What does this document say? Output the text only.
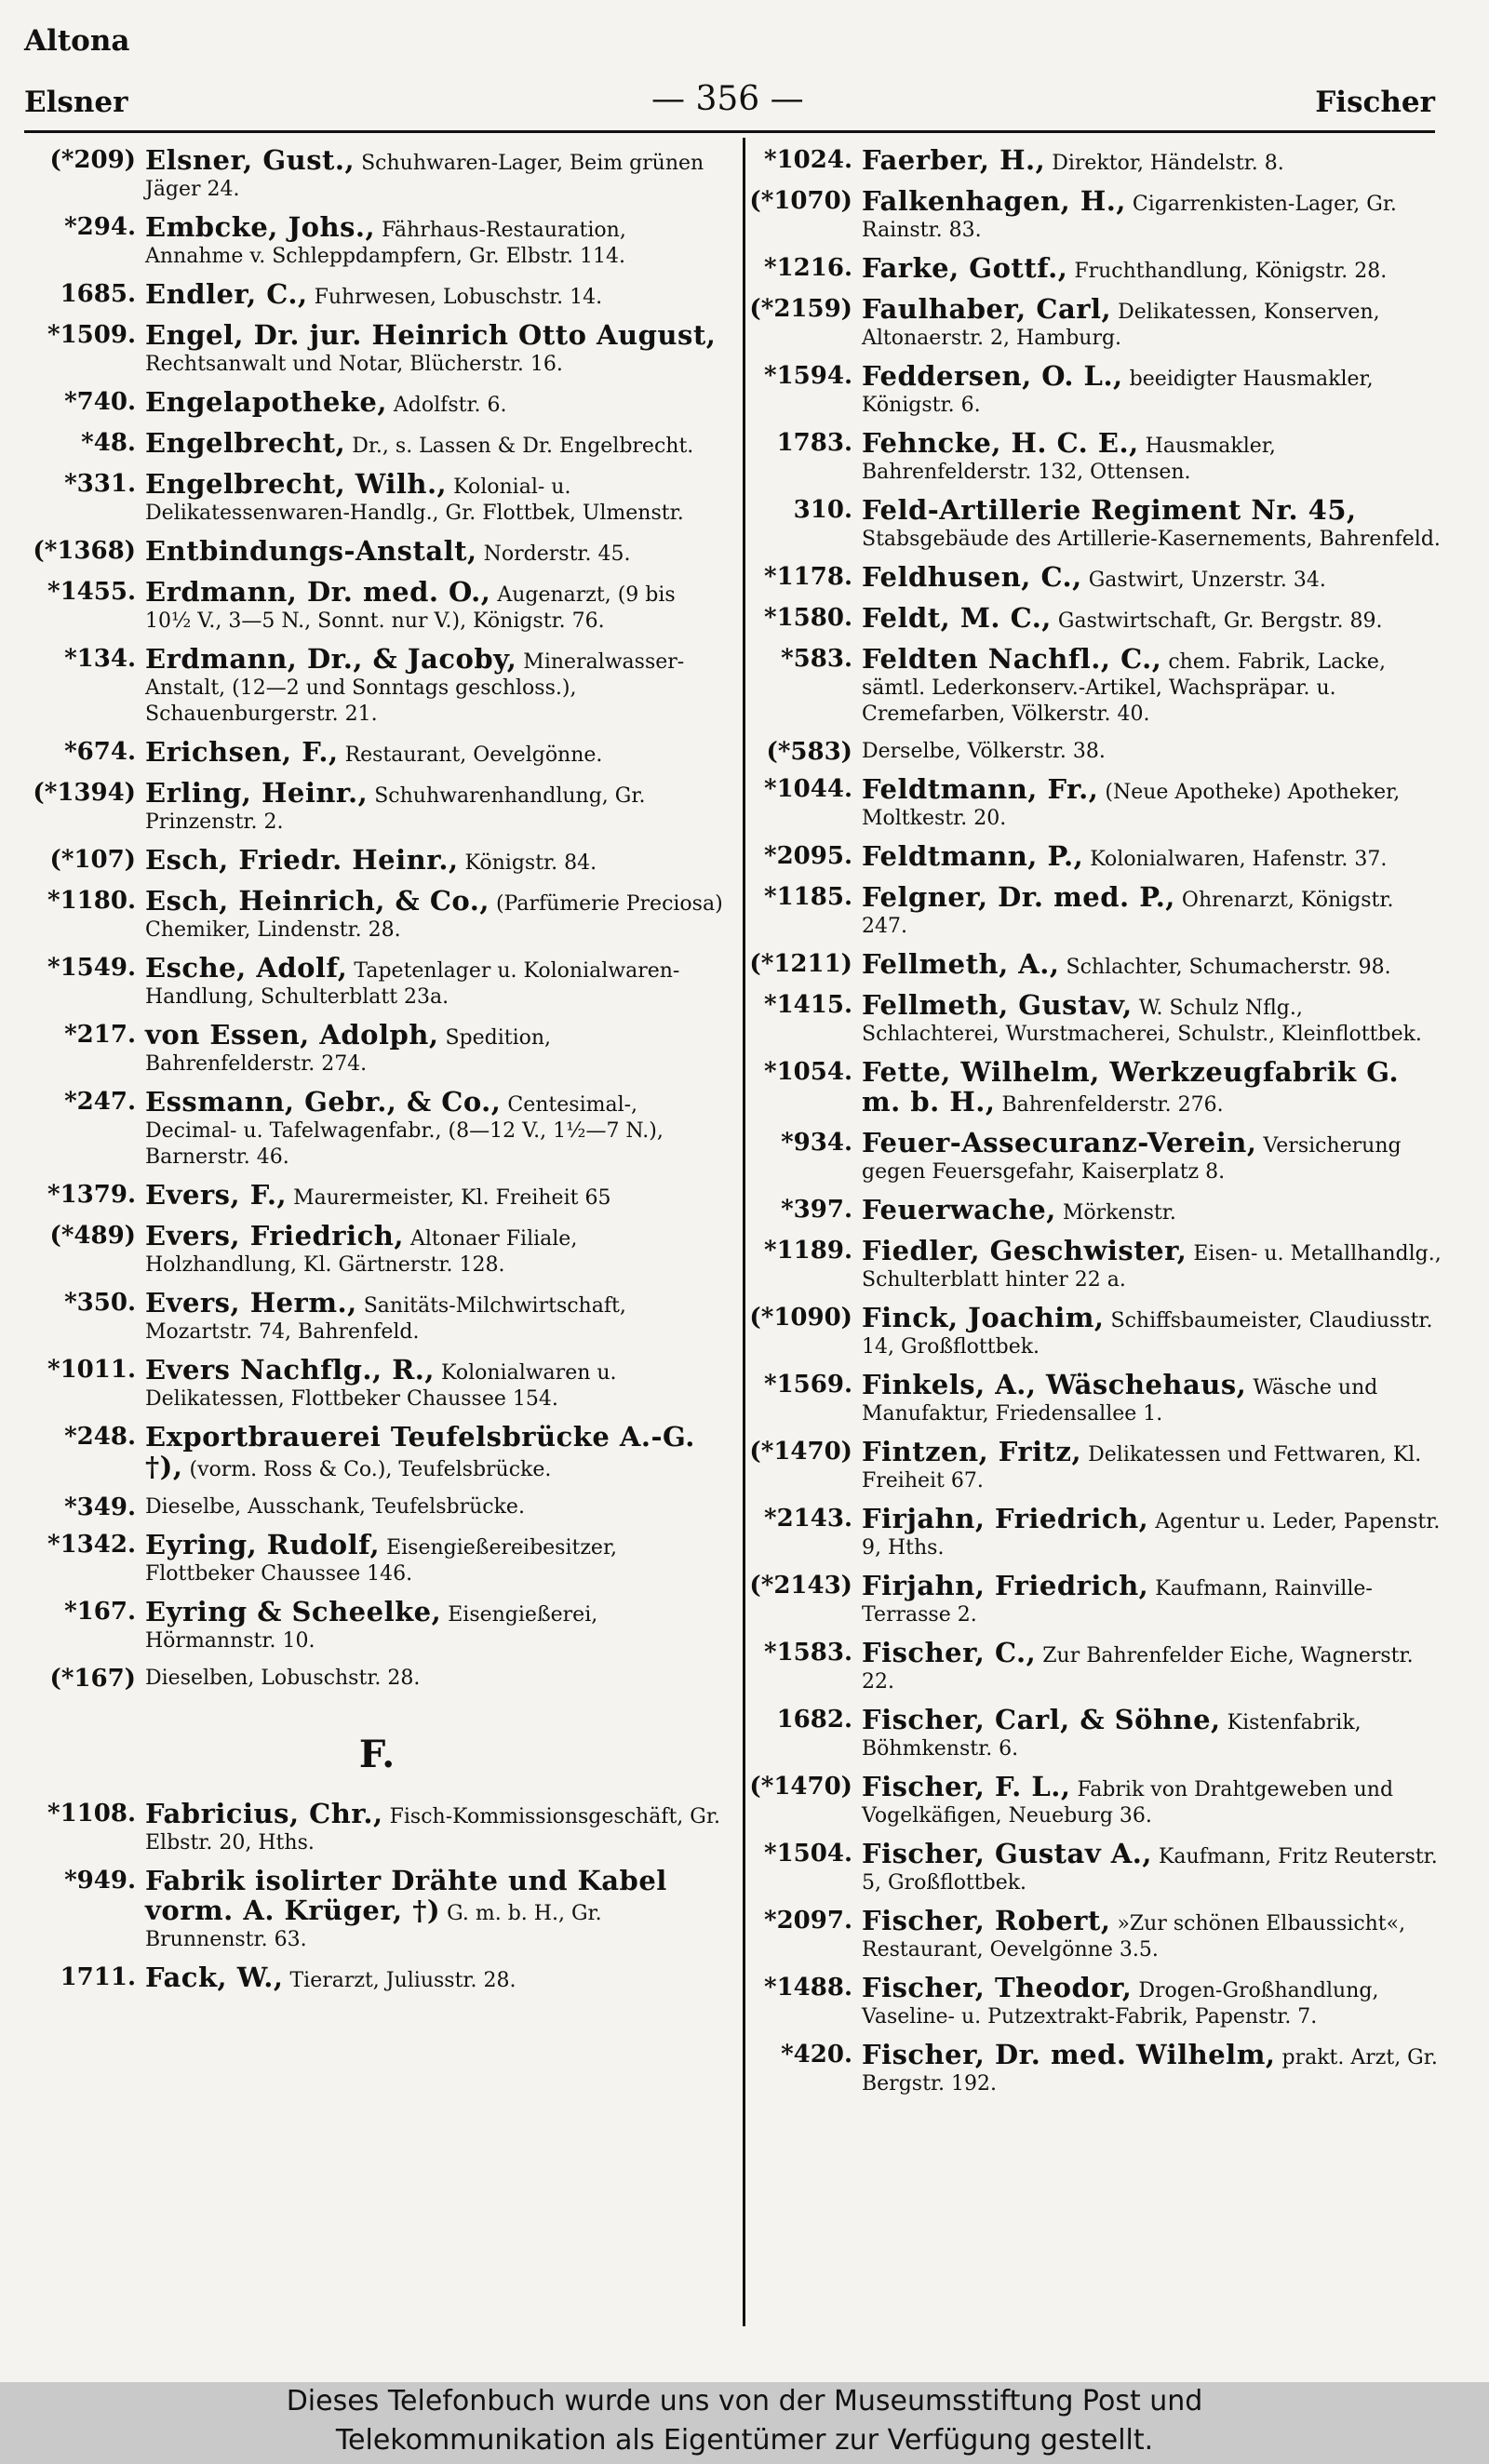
Altona
Elsner	— 356 —	Fischer
(*209) Elsner, Gust., Schuhwaren-Lager, Beim grünen Jäger 24.
*294. Embcke, Johs., Fährhaus-Restauration, Annahme v. Schleppdampfern, Gr. Elbstr. 114.
1685. Endler, C., Fuhrwesen, Lobuschstr. 14.
*1509. Engel, Dr. jur. Heinrich Otto August, Rechtsanwalt und Notar, Blücherstr. 16.
*740. Engelapotheke, Adolfstr. 6.
*48. Engelbrecht, Dr., s. Lassen & Dr. Engelbrecht.
*331. Engelbrecht, Wilh., Kolonial- u. Delikatessenwaren-Handlg., Gr. Flottbek, Ulmenstr.
(*1368) Entbindungs-Anstalt, Norderstr. 45.
*1455. Erdmann, Dr. med. O., Augenarzt, (9 bis 10½ V., 3—5 N., Sonnt. nur V.), Königstr. 76.
*134. Erdmann, Dr., & Jacoby, Mineralwasser-Anstalt, (12—2 und Sonntags geschloss.), Schauenburgerstr. 21.
*674. Erichsen, F., Restaurant, Oevelgönne.
(*1394) Erling, Heinr., Schuhwarenhandlung, Gr. Prinzenstr. 2.
(*107) Esch, Friedr. Heinr., Königstr. 84.
*1180. Esch, Heinrich, & Co., (Parfümerie Preciosa) Chemiker, Lindenstr. 28.
*1549. Esche, Adolf, Tapetenlager u. Kolonialwaren-Handlung, Schulterblatt 23a.
*217. von Essen, Adolph, Spedition, Bahrenfelderstr. 274.
*247. Essmann, Gebr., & Co., Centesimal-, Decimal- u. Tafelwagenfabr., (8—12 V., 1½—7 N.), Barnerstr. 46.
*1379. Evers, F., Maurermeister, Kl. Freiheit 65
(*489) Evers, Friedrich, Altonaer Filiale, Holzhandlung, Kl. Gärtnerstr. 128.
*350. Evers, Herm., Sanitäts-Milchwirtschaft, Mozartstr. 74, Bahrenfeld.
*1011. Evers Nachflg., R., Kolonialwaren u. Delikatessen, Flottbeker Chaussee 154.
*248. Exportbrauerei Teufelsbrücke A.-G. †), (vorm. Ross & Co.), Teufelsbrücke.
*349. Dieselbe, Ausschank, Teufelsbrücke.
*1342. Eyring, Rudolf, Eisengießereibesitzer, Flottbeker Chaussee 146.
*167. Eyring & Scheelke, Eisengießerei, Hörmannstr. 10.
(*167) Dieselben, Lobuschstr. 28.
F.
*1108. Fabricius, Chr., Fisch-Kommissionsgeschäft, Gr. Elbstr. 20, Hths.
*949. Fabrik isolirter Drähte und Kabel vorm. A. Krüger, †) G. m. b. H., Gr. Brunnenstr. 63.
1711. Fack, W., Tierarzt, Juliusstr. 28.
*1024. Faerber, H., Direktor, Händelstr. 8.
(*1070) Falkenhagen, H., Cigarrenkisten-Lager, Gr. Rainstr. 83.
*1216. Farke, Gottf., Fruchthandlung, Königstr. 28.
(*2159) Faulhaber, Carl, Delikatessen, Konserven, Altonaerstr. 2, Hamburg.
*1594. Feddersen, O. L., beeidigter Hausmakler, Königstr. 6.
1783. Fehncke, H. C. E., Hausmakler, Bahrenfelderstr. 132, Ottensen.
310. Feld-Artillerie Regiment Nr. 45, Stabsgebäude des Artillerie-Kasernements, Bahrenfeld.
*1178. Feldhusen, C., Gastwirt, Unzerstr. 34.
*1580. Feldt, M. C., Gastwirtschaft, Gr. Bergstr. 89.
*583. Feldten Nachfl., C., chem. Fabrik, Lacke, sämtl. Lederkonserv.-Artikel, Wachspräpar. u. Cremefarben, Völkerstr. 40.
(*583) Derselbe, Völkerstr. 38.
*1044. Feldtmann, Fr., (Neue Apotheke) Apotheker, Moltkestr. 20.
*2095. Feldtmann, P., Kolonialwaren, Hafenstr. 37.
*1185. Felgner, Dr. med. P., Ohrenarzt, Königstr. 247.
(*1211) Fellmeth, A., Schlachter, Schumacherstr. 98.
*1415. Fellmeth, Gustav, W. Schulz Nflg., Schlachterei, Wurstmacherei, Schulstr., Kleinflottbek.
*1054. Fette, Wilhelm, Werkzeugfabrik G. m. b. H., Bahrenfelderstr. 276.
*934. Feuer-Assecuranz-Verein, Versicherung gegen Feuersgefahr, Kaiserplatz 8.
*397. Feuerwache, Mörkenstr.
*1189. Fiedler, Geschwister, Eisen- u. Metallhandlg., Schulterblatt hinter 22 a.
(*1090) Finck, Joachim, Schiffsbaumeister, Claudiusstr. 14, Großflottbek.
*1569. Finkels, A., Wäschehaus, Wäsche und Manufaktur, Friedensallee 1.
(*1470) Fintzen, Fritz, Delikatessen und Fettwaren, Kl. Freiheit 67.
*2143. Firjahn, Friedrich, Agentur u. Leder, Papenstr. 9, Hths.
(*2143) Firjahn, Friedrich, Kaufmann, Rainville-Terrasse 2.
*1583. Fischer, C., Zur Bahrenfelder Eiche, Wagnerstr. 22.
1682. Fischer, Carl, & Söhne, Kistenfabrik, Böhmkenstr. 6.
(*1470) Fischer, F. L., Fabrik von Drahtgeweben und Vogelkäfigen, Neueburg 36.
*1504. Fischer, Gustav A., Kaufmann, Fritz Reuterstr. 5, Großflottbek.
*2097. Fischer, Robert, »Zur schönen Elbaussicht«, Restaurant, Oevelgönne 3.5.
*1488. Fischer, Theodor, Drogen-Großhandlung, Vaseline- u. Putzextrakt-Fabrik, Papenstr. 7.
*420. Fischer, Dr. med. Wilhelm, prakt. Arzt, Gr. Bergstr. 192.
Dieses Telefonbuch wurde uns von der Museumsstiftung Post und
Telekommunikation als Eigentümer zur Verfügung gestellt.
